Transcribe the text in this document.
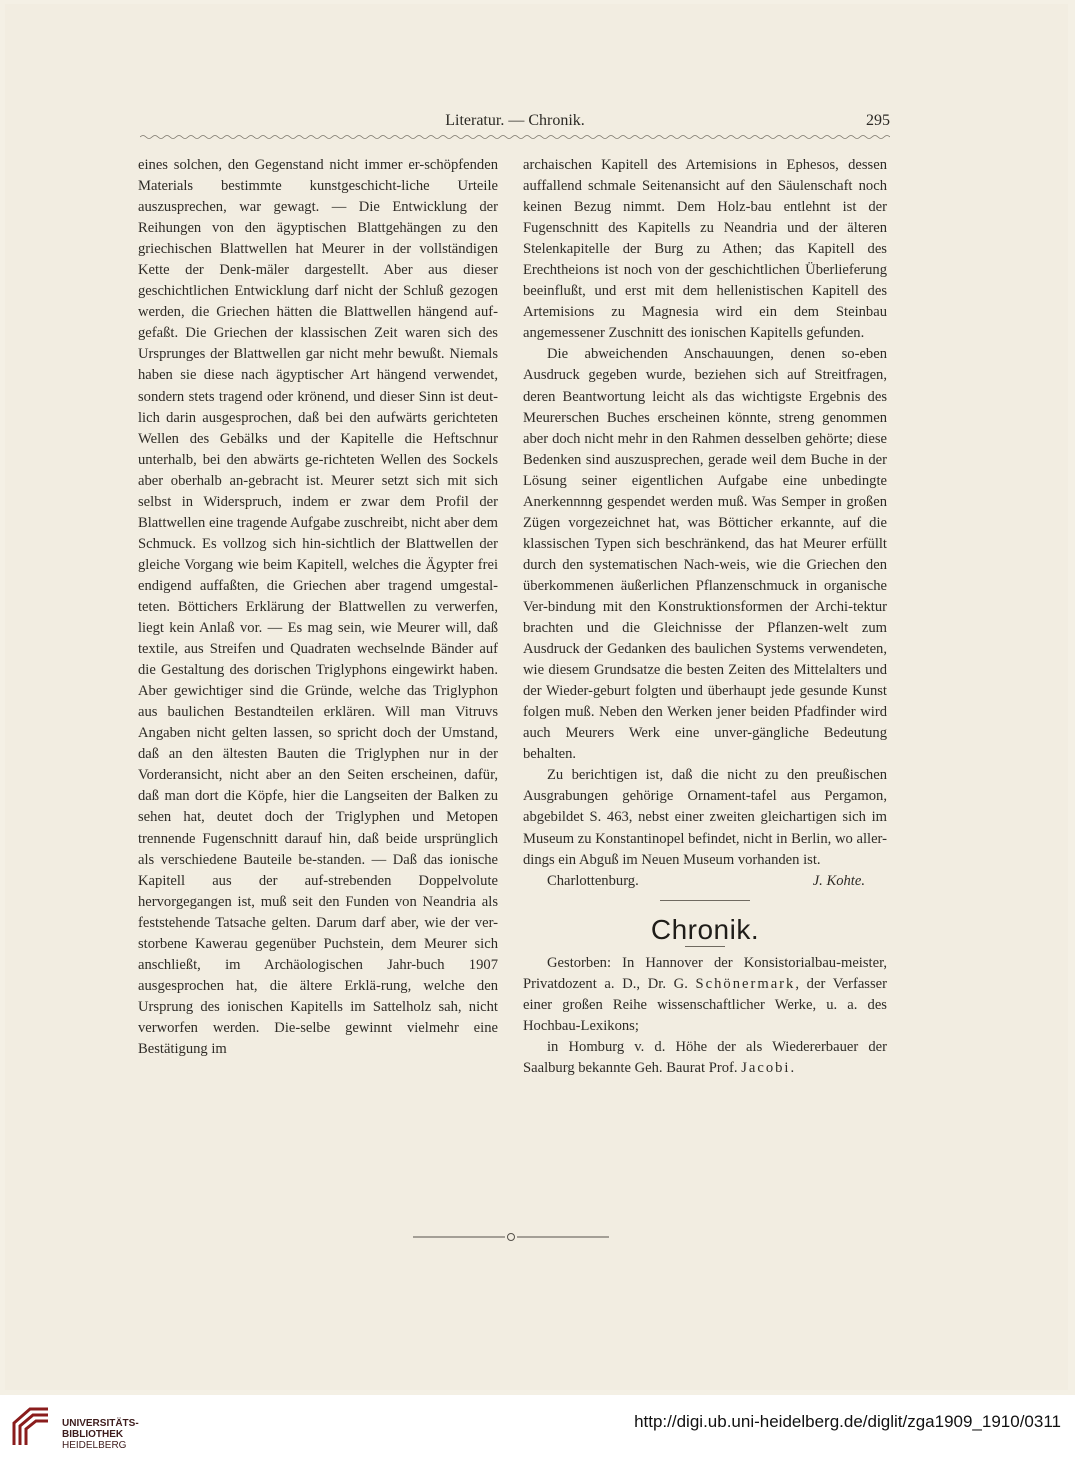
Literatur. — Chronik.	295

eines solchen, den Gegenstand nicht immer er-schöpfenden Materials bestimmte kunstgeschicht-liche Urteile auszusprechen, war gewagt. — Die Entwicklung der Reihungen von den ägyptischen Blattgehängen zu den griechischen Blattwellen hat Meurer in der vollständigen Kette der Denk-mäler dargestellt. Aber aus dieser geschichtlichen Entwicklung darf nicht der Schluß gezogen werden, die Griechen hätten die Blattwellen hängend auf-gefaßt. Die Griechen der klassischen Zeit waren sich des Ursprunges der Blattwellen gar nicht mehr bewußt. Niemals haben sie diese nach ägyptischer Art hängend verwendet, sondern stets tragend oder krönend, und dieser Sinn ist deut-lich darin ausgesprochen, daß bei den aufwärts gerichteten Wellen des Gebälks und der Kapitelle die Heftschnur unterhalb, bei den abwärts ge-richteten Wellen des Sockels aber oberhalb an-gebracht ist. Meurer setzt sich mit sich selbst in Widerspruch, indem er zwar dem Profil der Blattwellen eine tragende Aufgabe zuschreibt, nicht aber dem Schmuck. Es vollzog sich hin-sichtlich der Blattwellen der gleiche Vorgang wie beim Kapitell, welches die Ägypter frei endigend auffaßten, die Griechen aber tragend umgestal-teten. Böttichers Erklärung der Blattwellen zu verwerfen, liegt kein Anlaß vor. — Es mag sein, wie Meurer will, daß textile, aus Streifen und Quadraten wechselnde Bänder auf die Gestaltung des dorischen Triglyphons eingewirkt haben. Aber gewichtiger sind die Gründe, welche das Triglyphon aus baulichen Bestandteilen erklären. Will man Vitruvs Angaben nicht gelten lassen, so spricht doch der Umstand, daß an den ältesten Bauten die Triglyphen nur in der Vorderansicht, nicht aber an den Seiten erscheinen, dafür, daß man dort die Köpfe, hier die Langseiten der Balken zu sehen hat, deutet doch der Triglyphen und Metopen trennende Fugenschnitt darauf hin, daß beide ursprünglich als verschiedene Bauteile be-standen. — Daß das ionische Kapitell aus der auf-strebenden Doppelvolute hervorgegangen ist, muß seit den Funden von Neandria als feststehende Tatsache gelten. Darum darf aber, wie der ver-storbene Kawerau gegenüber Puchstein, dem Meurer sich anschließt, im Archäologischen Jahr-buch 1907 ausgesprochen hat, die ältere Erklä-rung, welche den Ursprung des ionischen Kapitells im Sattelholz sah, nicht verworfen werden. Die-selbe gewinnt vielmehr eine Bestätigung im

archaischen Kapitell des Artemisions in Ephesos, dessen auffallend schmale Seitenansicht auf den Säulenschaft noch keinen Bezug nimmt. Dem Holz-bau entlehnt ist der Fugenschnitt des Kapitells zu Neandria und der älteren Stelenkapitelle der Burg zu Athen; das Kapitell des Erechtheions ist noch von der geschichtlichen Überlieferung beeinflußt, und erst mit dem hellenistischen Kapitell des Artemisions zu Magnesia wird ein dem Steinbau angemessener Zuschnitt des ionischen Kapitells gefunden.

Die abweichenden Anschauungen, denen so-eben Ausdruck gegeben wurde, beziehen sich auf Streitfragen, deren Beantwortung leicht als das wichtigste Ergebnis des Meurerschen Buches erscheinen könnte, streng genommen aber doch nicht mehr in den Rahmen desselben gehörte; diese Bedenken sind auszusprechen, gerade weil dem Buche in der Lösung seiner eigentlichen Aufgabe eine unbedingte Anerkennnng gespendet werden muß. Was Semper in großen Zügen vorgezeichnet hat, was Bötticher erkannte, auf die klassischen Typen sich beschränkend, das hat Meurer erfüllt durch den systematischen Nach-weis, wie die Griechen den überkommenen äußerlichen Pflanzenschmuck in organische Ver-bindung mit den Konstruktionsformen der Archi-tektur brachten und die Gleichnisse der Pflanzen-welt zum Ausdruck der Gedanken des baulichen Systems verwendeten, wie diesem Grundsatze die besten Zeiten des Mittelalters und der Wieder-geburt folgten und überhaupt jede gesunde Kunst folgen muß. Neben den Werken jener beiden Pfadfinder wird auch Meurers Werk eine unver-gängliche Bedeutung behalten.

Zu berichtigen ist, daß die nicht zu den preußischen Ausgrabungen gehörige Ornament-tafel aus Pergamon, abgebildet S. 463, nebst einer zweiten gleichartigen sich im Museum zu Konstantinopel befindet, nicht in Berlin, wo aller-dings ein Abguß im Neuen Museum vorhanden ist.

Charlottenburg.	J. Kohte.
Chronik.

Gestorben: In Hannover der Konsistorialbau-meister, Privatdozent a. D., Dr. G. Schönermark, der Verfasser einer großen Reihe wissenschaftlicher Werke, u. a. des Hochbau-Lexikons;

in Homburg v. d. Höhe der als Wiedererbauer der Saalburg bekannte Geh. Baurat Prof. Jacobi.

UNIVERSITÄTS-
BIBLIOTHEK
HEIDELBERG
http://digi.ub.uni-heidelberg.de/diglit/zga1909_1910/0311
